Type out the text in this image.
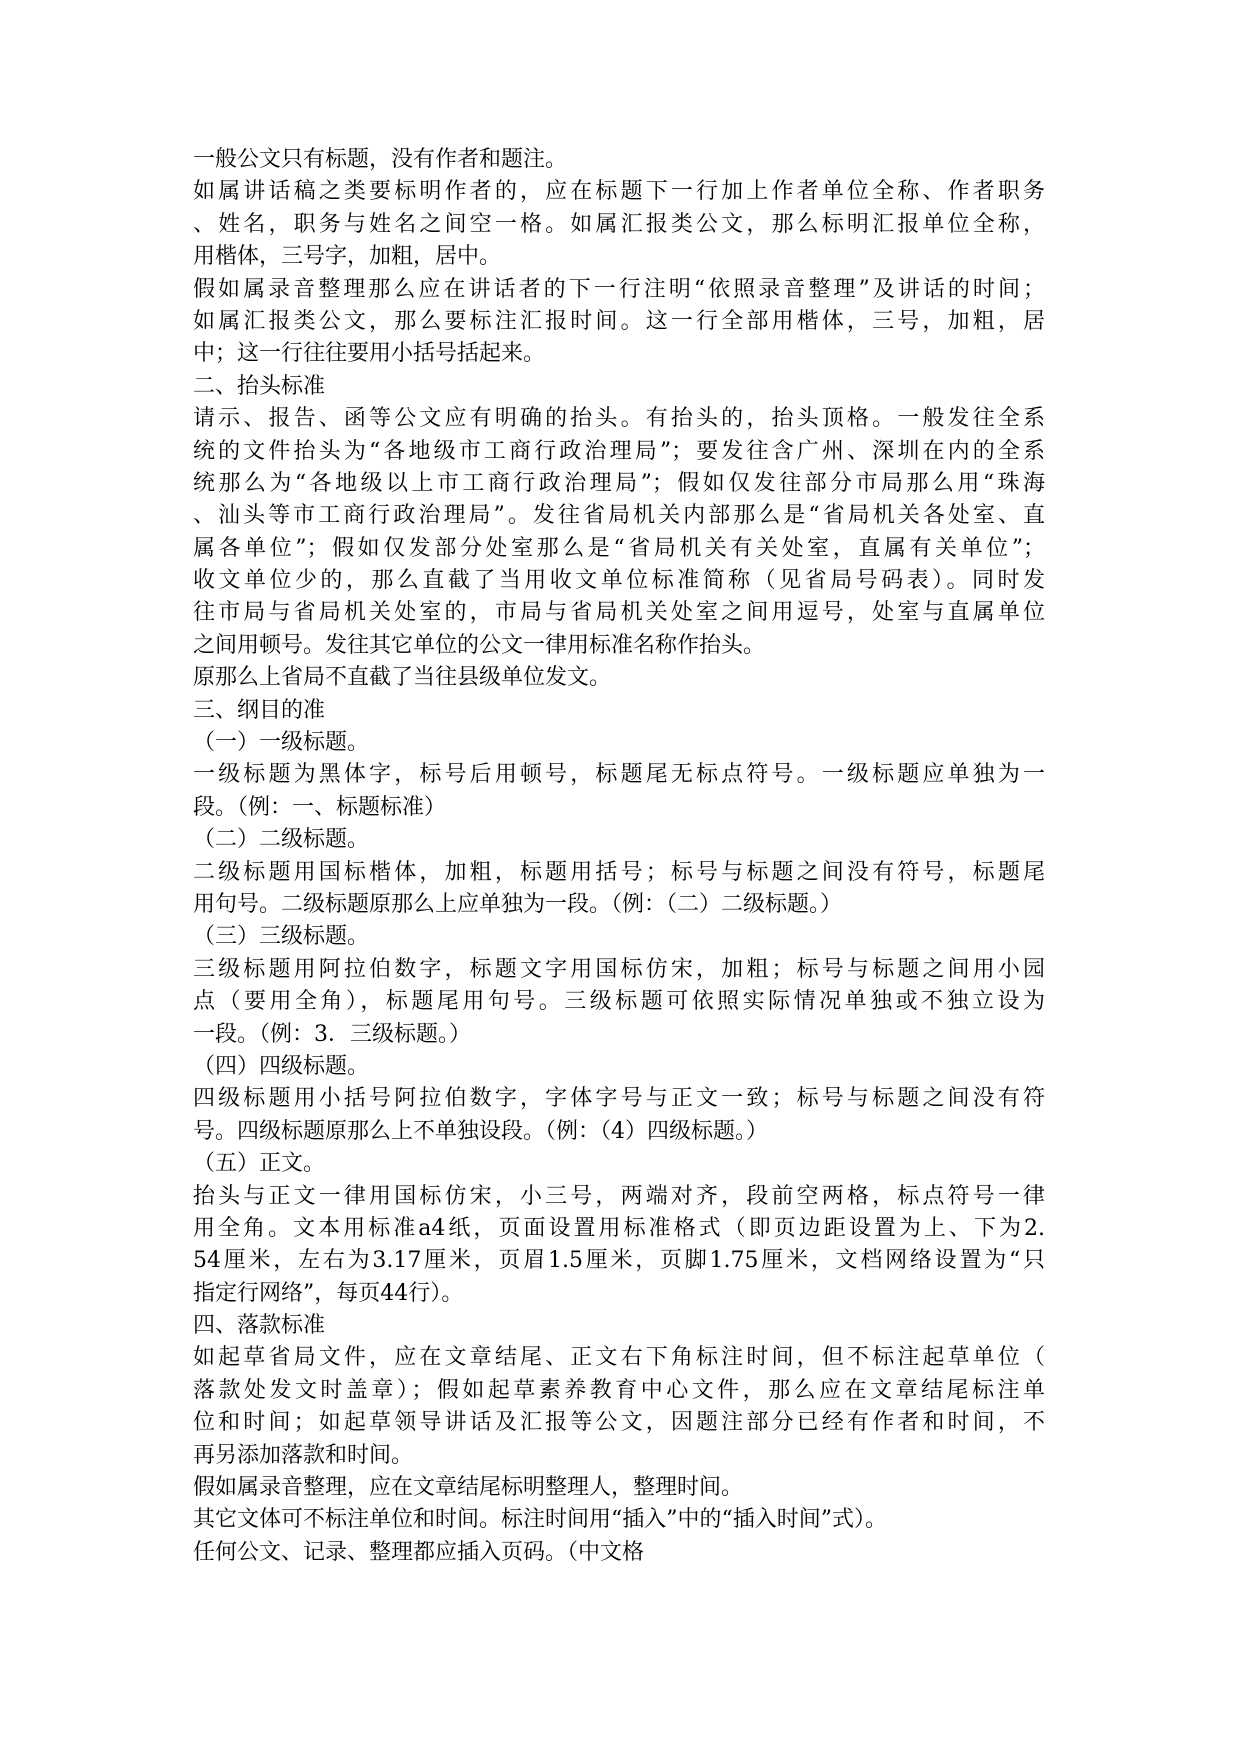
一般公文只有标题，没有作者和题注。
如属讲话稿之类要标明作者的，应在标题下一行加上作者单位全称、作者职务
、姓名，职务与姓名之间空一格。如属汇报类公文，那么标明汇报单位全称，
用楷体，三号字，加粗，居中。
假如属录音整理那么应在讲话者的下一行注明“依照录音整理”及讲话的时间；
如属汇报类公文，那么要标注汇报时间。这一行全部用楷体，三号，加粗，居
中；这一行往往要用小括号括起来。
二、抬头标准
请示、报告、函等公文应有明确的抬头。有抬头的，抬头顶格。一般发往全系
统的文件抬头为“各地级市工商行政治理局”；要发往含广州、深圳在内的全系
统那么为“各地级以上市工商行政治理局”；假如仅发往部分市局那么用“珠海
、汕头等市工商行政治理局”。发往省局机关内部那么是“省局机关各处室、直
属各单位”；假如仅发部分处室那么是“省局机关有关处室，直属有关单位”；
收文单位少的，那么直截了当用收文单位标准简称（见省局号码表）。同时发
往市局与省局机关处室的，市局与省局机关处室之间用逗号，处室与直属单位
之间用顿号。发往其它单位的公文一律用标准名称作抬头。
原那么上省局不直截了当往县级单位发文。
三、纲目的准
（一）一级标题。
一级标题为黑体字，标号后用顿号，标题尾无标点符号。一级标题应单独为一
段。（例：一、标题标准）
（二）二级标题。
二级标题用国标楷体，加粗，标题用括号；标号与标题之间没有符号，标题尾
用句号。二级标题原那么上应单独为一段。（例：（二）二级标题。）
（三）三级标题。
三级标题用阿拉伯数字，标题文字用国标仿宋，加粗；标号与标题之间用小园
点（要用全角），标题尾用句号。三级标题可依照实际情况单独或不独立设为
一段。（例：3．三级标题。）
（四）四级标题。
四级标题用小括号阿拉伯数字，字体字号与正文一致；标号与标题之间没有符
号。四级标题原那么上不单独设段。（例：（4）四级标题。）
（五）正文。
抬头与正文一律用国标仿宋，小三号，两端对齐，段前空两格，标点符号一律
用全角。文本用标准a4纸，页面设置用标准格式（即页边距设置为上、下为2.
54厘米，左右为3.17厘米，页眉1.5厘米，页脚1.75厘米，文档网络设置为“只
指定行网络”，每页44行）。
四、落款标准
如起草省局文件，应在文章结尾、正文右下角标注时间，但不标注起草单位（
落款处发文时盖章）；假如起草素养教育中心文件，那么应在文章结尾标注单
位和时间；如起草领导讲话及汇报等公文，因题注部分已经有作者和时间，不
再另添加落款和时间。
假如属录音整理，应在文章结尾标明整理人，整理时间。
其它文体可不标注单位和时间。标注时间用“插入”中的“插入时间”式）。
任何公文、记录、整理都应插入页码。（中文格
